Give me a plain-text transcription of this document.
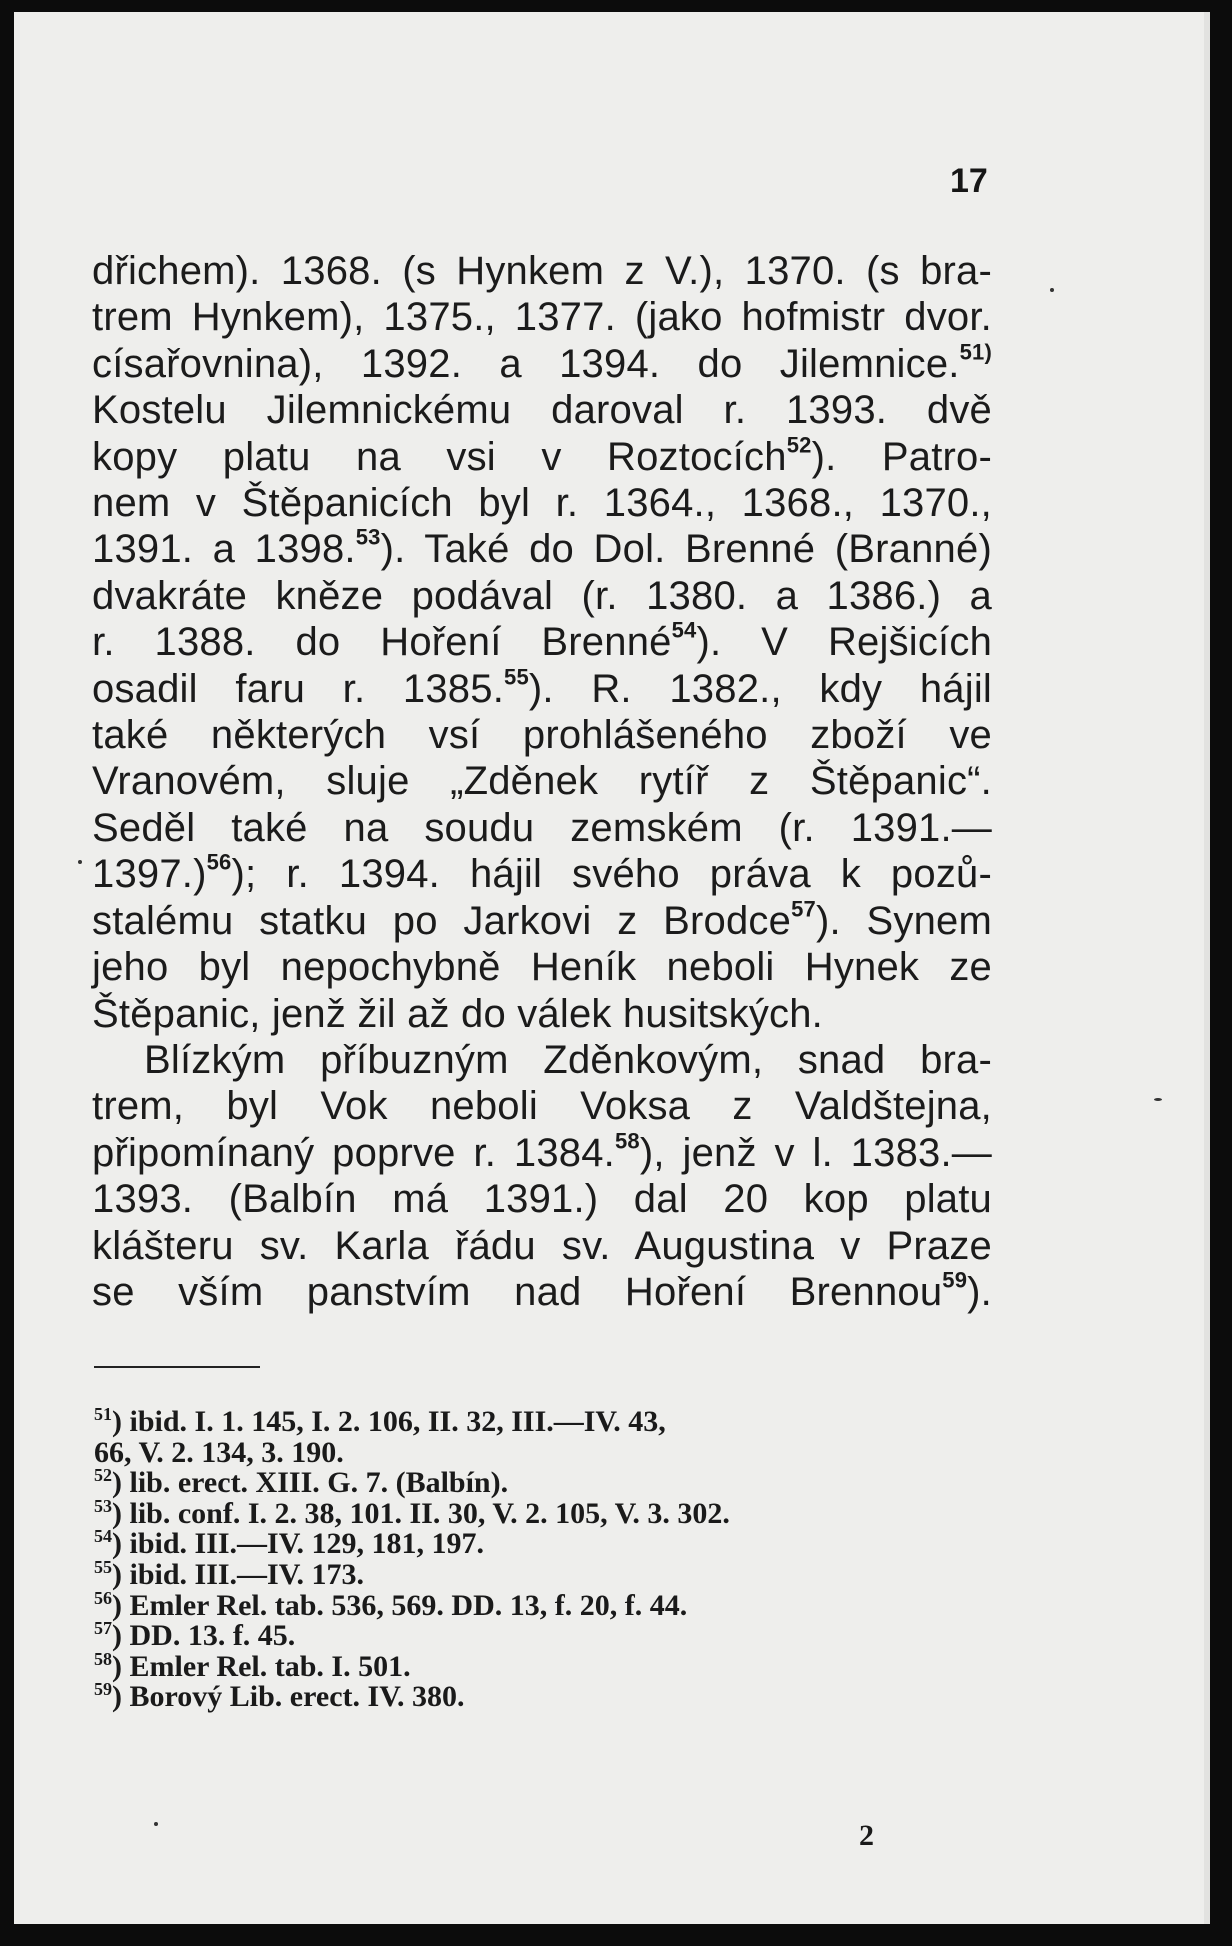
17
dřichem). 1368. (s Hynkem z V.), 1370. (s bra-
trem Hynkem), 1375., 1377. (jako hofmistr dvor.
císařovnina), 1392. a 1394. do Jilemnice.$^{51)}$
Kostelu Jilemnickému daroval r. 1393. dvě
kopy platu na vsi v Roztocích$^{52}$). Patro-
nem v Štěpanicích byl r. 1364., 1368., 1370.,
1391. a 1398.53). Také do Dol. Brenné (Branné)
dvakráte kněze podával (r. 1380. a 1386.) a
r. 1388. do Hoření Brenné$^{54}$). V Rejšicích
osadil faru r. 1385.55). R. 1382., kdy hájil
také některých vsí prohlášeného zboží ve
Vranovém, sluje „Zděnek rytíř z Štěpanic“.
Seděl také na soudu zemském (r. 1391.—
1397.)$^{56}$); r. 1394. hájil svého práva k pozů-
stalému statku po Jarkovi z Brodce$^{57}$). Synem
jeho byl nepochybně Heník neboli Hynek ze
Štěpanic, jenž žil až do válek husitských.
Blízkým příbuzným Zděnkovým, snad bra-
trem, byl Vok neboli Voksa z Valdštejna,
připomínaný poprve r. 1384.58), jenž v l. 1383.—
1393. (Balbín má 1391.) dal 20 kop platu
klášteru sv. Karla řádu sv. Augustina v Praze
se vším panstvím nad Hoření Brennou$^{59}$).
$^{51}$) ibid. I. 1. 145, I. 2. 106, II. 32, III.—IV. 43,
66, V. 2. 134, 3. 190.
$^{52}$) lib. erect. XIII. G. 7. (Balbín).
$^{53}$) lib. conf. I. 2. 38, 101. II. 30, V. 2. 105, V. 3. 302.
$^{54}$) ibid. III.—IV. 129, 181, 197.
$^{55}$) ibid. III.—IV. 173.
$^{56}$) Emler Rel. tab. 536, 569. DD. 13, f. 20, f. 44.
$^{57}$) DD. 13. f. 45.
$^{58}$) Emler Rel. tab. I. 501.
$^{59}$) Borový Lib. erect. IV. 380.
2
